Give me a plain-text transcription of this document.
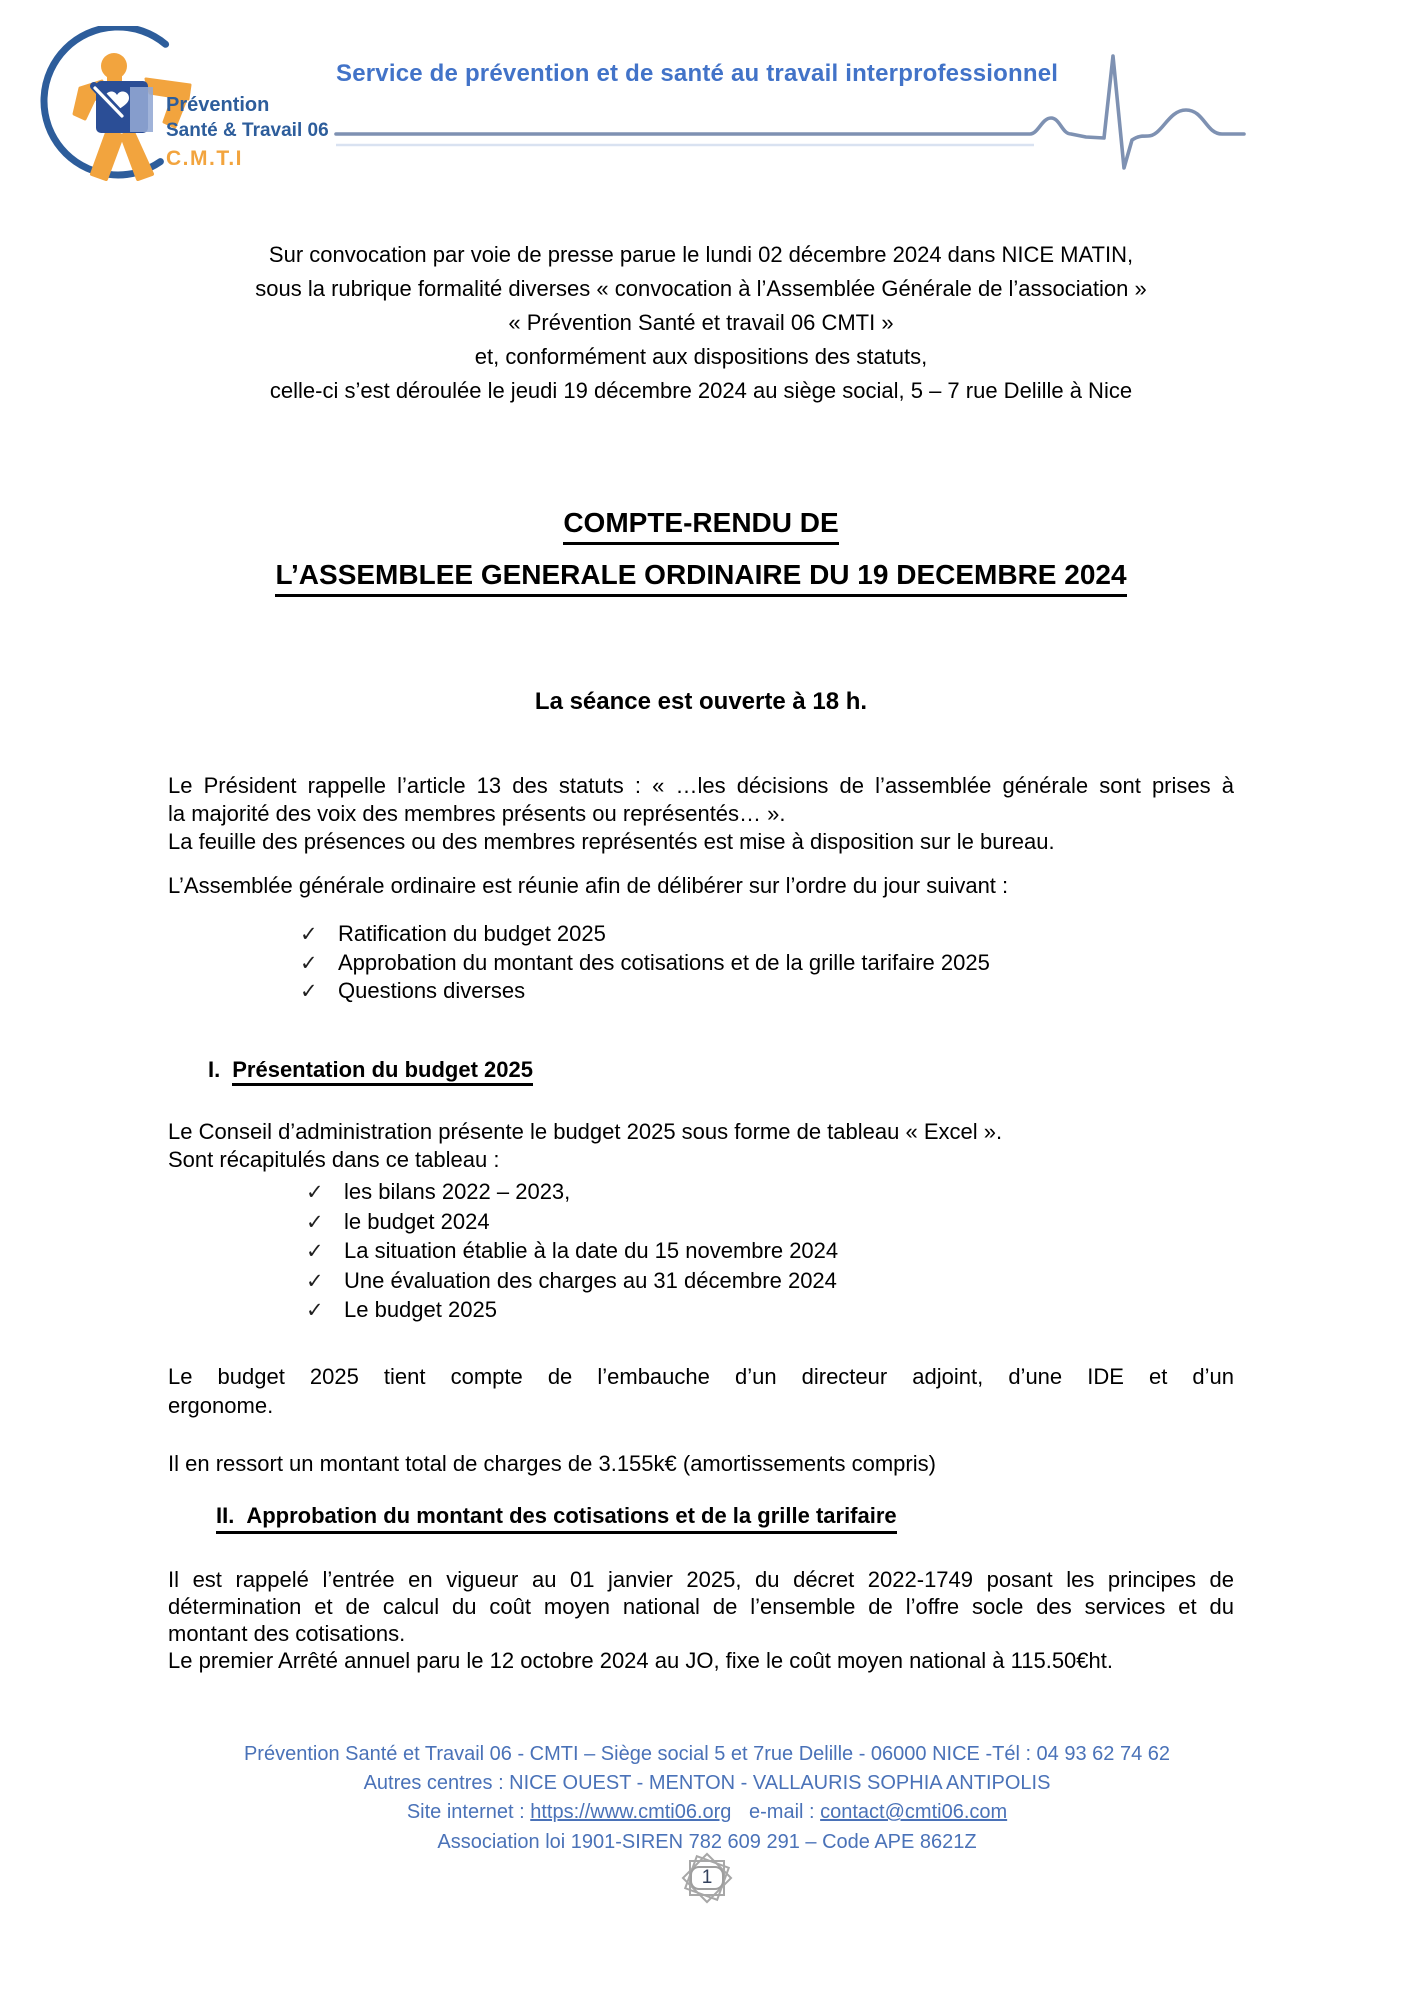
Prévention
Santé & Travail 06
C.M.T.I
Service de prévention et de santé au travail interprofessionnel
Sur convocation par voie de presse parue le lundi 02 décembre 2024 dans NICE MATIN,
sous la rubrique formalité diverses « convocation à l’Assemblée Générale de l’association »
« Prévention Santé et travail 06 CMTI »
et, conformément aux dispositions des statuts,
celle-ci s’est déroulée le jeudi 19 décembre 2024 au siège social, 5 – 7 rue Delille à Nice
COMPTE-RENDU DE
L’ASSEMBLEE GENERALE ORDINAIRE DU 19 DECEMBRE 2024
La séance est ouverte à 18 h.
Le Président rappelle l’article 13 des statuts : « …les décisions de l’assemblée générale sont prises à
la majorité des voix des membres présents ou représentés… ».
La feuille des présences ou des membres représentés est mise à disposition sur le bureau.
L’Assemblée générale ordinaire est réunie afin de délibérer sur l’ordre du jour suivant :
✓ Ratification du budget 2025
✓ Approbation du montant des cotisations et de la grille tarifaire 2025
✓ Questions diverses
I. Présentation du budget 2025
Le Conseil d’administration présente le budget 2025 sous forme de tableau « Excel ».
Sont récapitulés dans ce tableau :
✓ les bilans 2022 – 2023,
✓ le budget 2024
✓ La situation établie à la date du 15 novembre 2024
✓ Une évaluation des charges au 31 décembre 2024
✓ Le budget 2025
Le budget 2025 tient compte de l’embauche d’un directeur adjoint, d’une IDE et d’un
ergonome.
Il en ressort un montant total de charges de 3.155k€ (amortissements compris)
II. Approbation du montant des cotisations et de la grille tarifaire
Il est rappelé l’entrée en vigueur au 01 janvier 2025, du décret 2022-1749 posant les principes de
détermination et de calcul du coût moyen national de l’ensemble de l’offre socle des services et du
montant des cotisations.
Le premier Arrêté annuel paru le 12 octobre 2024 au JO, fixe le coût moyen national à 115.50€ht.
Prévention Santé et Travail 06 - CMTI – Siège social 5 et 7rue Delille - 06000 NICE -Tél : 04 93 62 74 62
Autres centres : NICE OUEST - MENTON - VALLAURIS SOPHIA ANTIPOLIS
Site internet : https://www.cmti06.org e-mail : contact@cmti06.com
Association loi 1901-SIREN 782 609 291 – Code APE 8621Z
1
